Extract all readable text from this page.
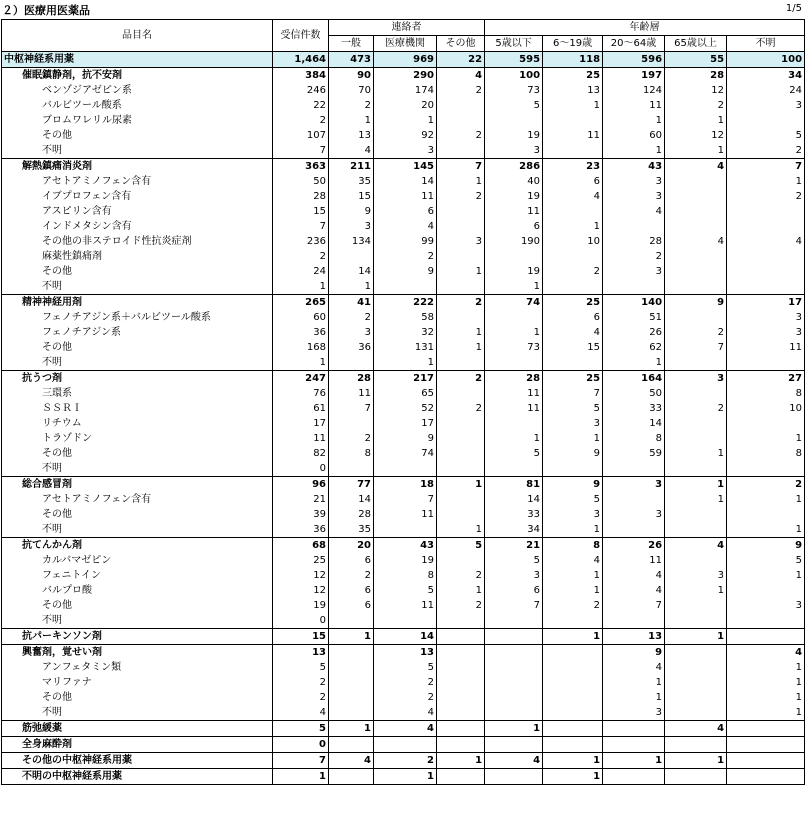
２）医療用医薬品	1/5
品目名	受信件数	連絡者			年齢層				
		一般	医療機関	その他	5歳以下	6～19歳	20～64歳	65歳以上	不明
中枢神経系用薬	1,464	473	969	22	595	118	596	55	100
催眠鎮静剤，抗不安剤	384	90	290	4	100	25	197	28	34
ベンゾジアゼピン系	246	70	174	2	73	13	124	12	24
バルビツール酸系	22	2	20		5	1	11	2	3
ブロムワレリル尿素	2	1	1				1	1	
その他	107	13	92	2	19	11	60	12	5
不明	7	4	3		3		1	1	2
解熱鎮痛消炎剤	363	211	145	7	286	23	43	4	7
アセトアミノフェン含有	50	35	14	1	40	6	3		1
イブプロフェン含有	28	15	11	2	19	4	3		2
アスピリン含有	15	9	6		11		4		
インドメタシン含有	7	3	4		6	1			
その他の非ステロイド性抗炎症剤	236	134	99	3	190	10	28	4	4
麻薬性鎮痛剤	2		2				2		
その他	24	14	9	1	19	2	3		
不明	1	1			1				
精神神経用剤	265	41	222	2	74	25	140	9	17
フェノチアジン系＋バルビツール酸系	60	2	58			6	51		3
フェノチアジン系	36	3	32	1	1	4	26	2	3
その他	168	36	131	1	73	15	62	7	11
不明	1		1				1		
抗うつ剤	247	28	217	2	28	25	164	3	27
三環系	76	11	65		11	7	50		8
ＳＳＲＩ	61	7	52	2	11	5	33	2	10
リチウム	17		17			3	14		
トラゾドン	11	2	9		1	1	8		1
その他	82	8	74		5	9	59	1	8
不明	0								
総合感冒剤	96	77	18	1	81	9	3	1	2
アセトアミノフェン含有	21	14	7		14	5		1	1
その他	39	28	11		33	3	3		
不明	36	35		1	34	1			1
抗てんかん剤	68	20	43	5	21	8	26	4	9
カルバマゼピン	25	6	19		5	4	11		5
フェニトイン	12	2	8	2	3	1	4	3	1
バルプロ酸	12	6	5	1	6	1	4	1	
その他	19	6	11	2	7	2	7		3
不明	0								
抗パーキンソン剤	15	1	14			1	13	1	
興奮剤，覚せい剤	13		13				9		4
アンフェタミン類	5		5				4		1
マリファナ	2		2				1		1
その他	2		2				1		1
不明	4		4				3		1
筋弛緩薬	5	1	4		1			4	
全身麻酔剤	0								
その他の中枢神経系用薬	7	4	2	1	4	1	1	1	
不明の中枢神経系用薬	1		1			1			
